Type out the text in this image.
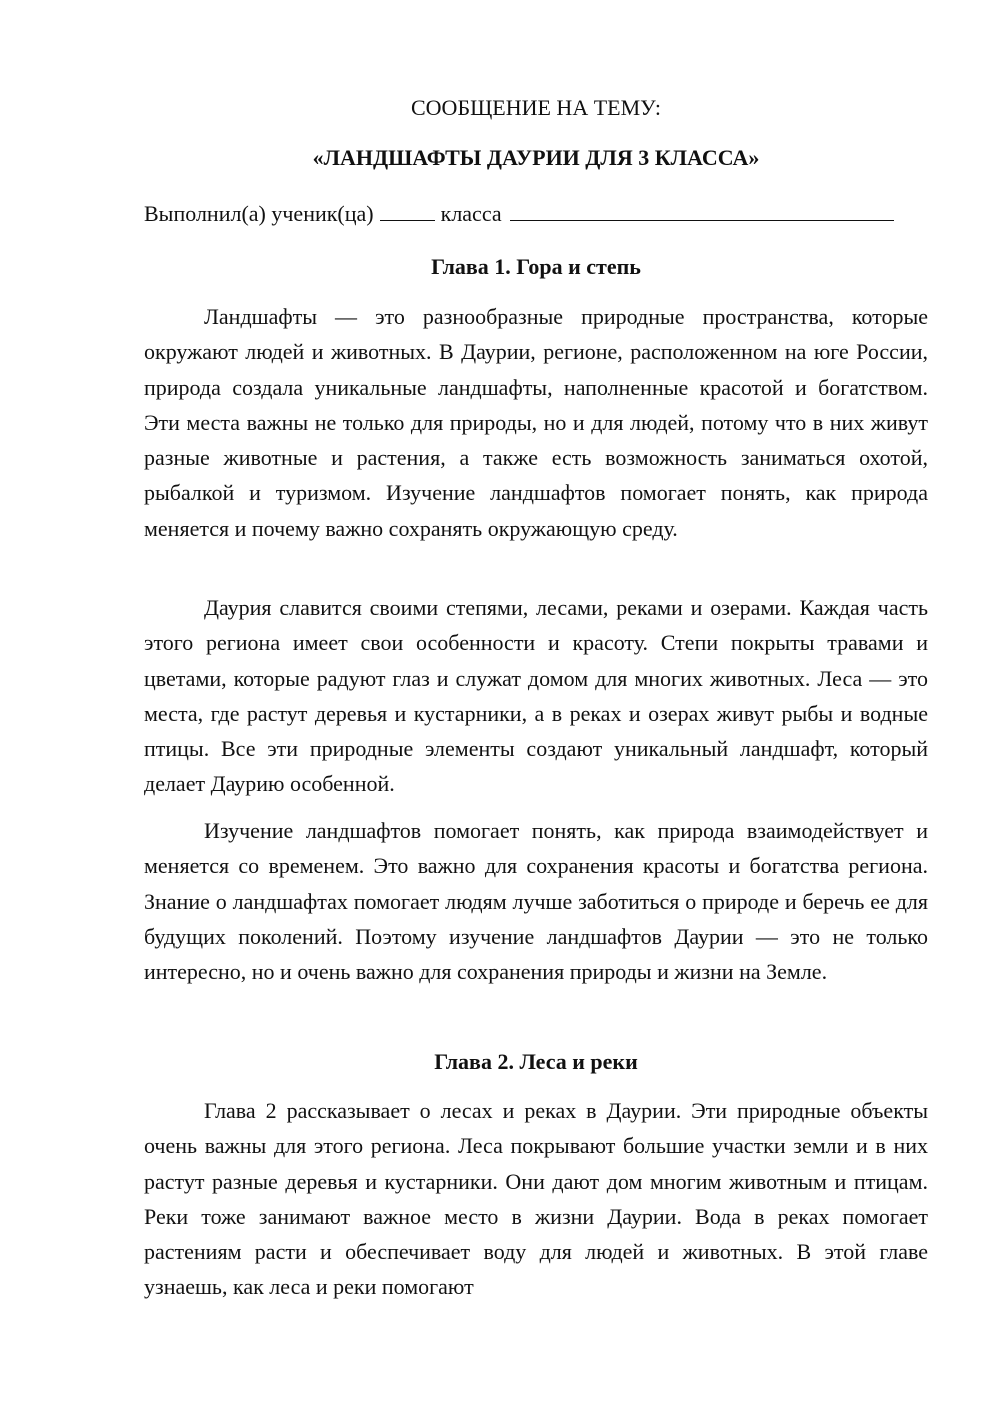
СООБЩЕНИЕ НА ТЕМУ:
«ЛАНДШАФТЫ ДАУРИИ ДЛЯ 3 КЛАССА»
Выполнил(а) ученик(ца)	класса
Глава 1. Гора и степь

Ландшафты — это разнообразные природные пространства, которые окружают людей и животных. В Даурии, регионе, расположенном на юге России, природа создала уникальные ландшафты, наполненные красотой и богатством. Эти места важны не только для природы, но и для людей, потому что в них живут разные животные и растения, а также есть возможность заниматься охотой, рыбалкой и туризмом. Изучение ландшафтов помогает понять, как природа меняется и почему важно сохранять окружающую среду.

Даурия славится своими степями, лесами, реками и озерами. Каждая часть этого региона имеет свои особенности и красоту. Степи покрыты травами и цветами, которые радуют глаз и служат домом для многих животных. Леса — это места, где растут деревья и кустарники, а в реках и озерах живут рыбы и водные птицы. Все эти природные элементы создают уникальный ландшафт, который делает Даурию особенной.

Изучение ландшафтов помогает понять, как природа взаимодействует и меняется со временем. Это важно для сохранения красоты и богатства региона. Знание о ландшафтах помогает людям лучше заботиться о природе и беречь ее для будущих поколений. Поэтому изучение ландшафтов Даурии — это не только интересно, но и очень важно для сохранения природы и жизни на Земле.

Глава 2. Леса и реки

Глава 2 рассказывает о лесах и реках в Даурии. Эти природные объекты очень важны для этого региона. Леса покрывают большие участки земли и в них растут разные деревья и кустарники. Они дают дом многим животным и птицам. Реки тоже занимают важное место в жизни Даурии. Вода в реках помогает растениям расти и обеспечивает воду для людей и животных. В этой главе узнаешь, как леса и реки помогают
